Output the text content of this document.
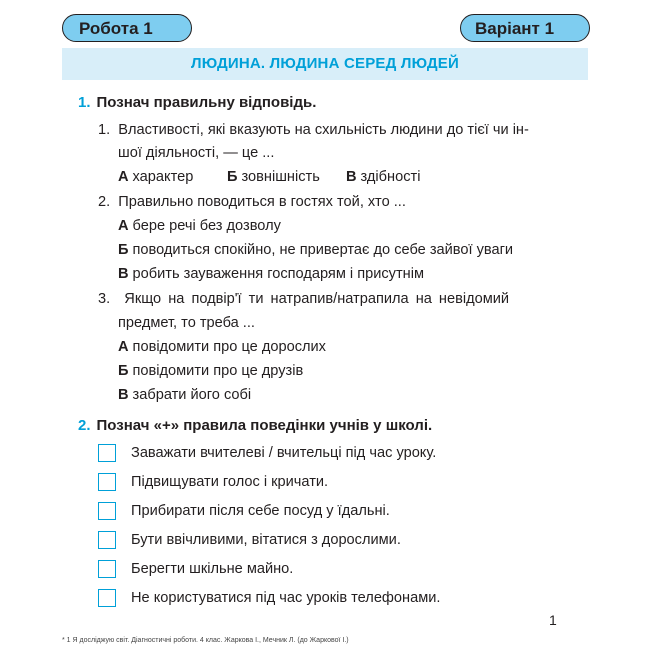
Робота 1	Варіант 1
ЛЮДИНА. ЛЮДИНА СЕРЕД ЛЮДЕЙ
1. Познач правильну відповідь.
1. Властивості, які вказують на схильність людини до тієї чи ін-
шої діяльності, — це ...
А характер Б зовнішність В здібності
2. Правильно поводиться в гостях той, хто ...
А бере речі без дозволу
Б поводиться спокійно, не привертає до себе зайвої уваги
В робить зауваження господарям і присутнім
3. Якщо на подвір'ї ти натрапив/натрапила на невідомий
предмет, то треба ...
А повідомити про це дорослих
Б повідомити про це друзів
В забрати його собі
2. Познач «+» правила поведінки учнів у школі.
Заважати вчителеві / вчительці під час уроку.
Підвищувати голос і кричати.
Прибирати після себе посуд у їдальні.
Бути ввічливими, вітатися з дорослими.
Берегти шкільне майно.
Не користуватися під час уроків телефонами.
1
* 1 Я досліджую світ. Діагностичні роботи. 4 клас. Жаркова І., Мечник Л. (до Жаркової І.)
